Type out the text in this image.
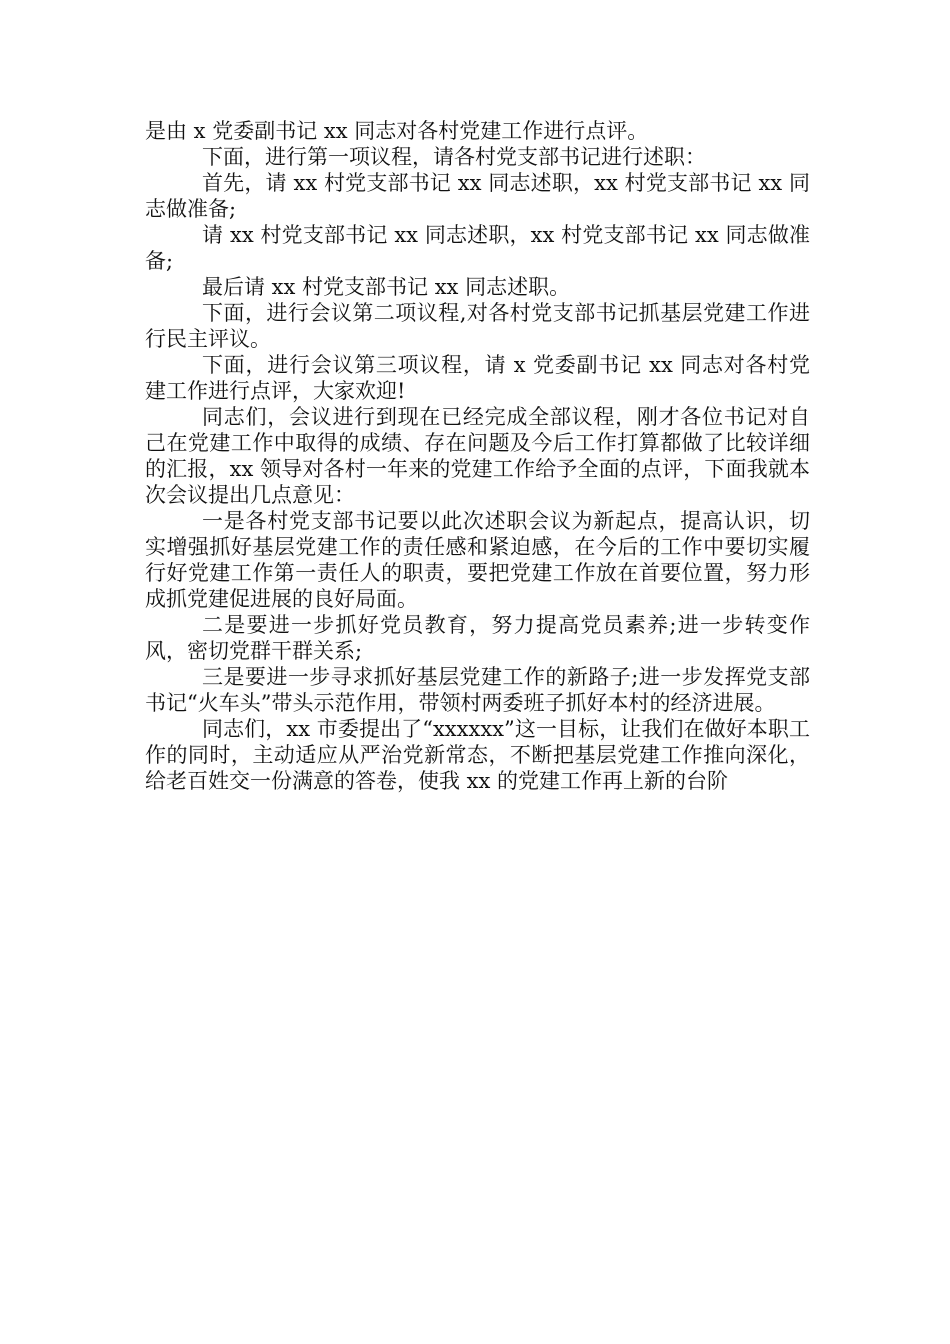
是由 x 党委副书记 xx 同志对各村党建工作进行点评。

下面，进行第一项议程，请各村党支部书记进行述职：

首先，请 xx 村党支部书记 xx 同志述职，xx 村党支部书记 xx 同志做准备;

请 xx 村党支部书记 xx 同志述职，xx 村党支部书记 xx 同志做准备;

最后请 xx 村党支部书记 xx 同志述职。

下面，进行会议第二项议程,对各村党支部书记抓基层党建工作进行民主评议。

下面，进行会议第三项议程，请 x 党委副书记 xx 同志对各村党建工作进行点评，大家欢迎!

同志们，会议进行到现在已经完成全部议程，刚才各位书记对自己在党建工作中取得的成绩、存在问题及今后工作打算都做了比较详细的汇报，xx 领导对各村一年来的党建工作给予全面的点评，下面我就本次会议提出几点意见：

一是各村党支部书记要以此次述职会议为新起点，提高认识，切实增强抓好基层党建工作的责任感和紧迫感，在今后的工作中要切实履行好党建工作第一责任人的职责，要把党建工作放在首要位置，努力形成抓党建促进展的良好局面。

二是要进一步抓好党员教育，努力提高党员素养;进一步转变作风，密切党群干群关系;

三是要进一步寻求抓好基层党建工作的新路子;进一步发挥党支部书记“火车头”带头示范作用，带领村两委班子抓好本村的经济进展。

同志们，xx 市委提出了“xxxxxx”这一目标，让我们在做好本职工作的同时，主动适应从严治党新常态，不断把基层党建工作推向深化，给老百姓交一份满意的答卷，使我 xx 的党建工作再上新的台阶
